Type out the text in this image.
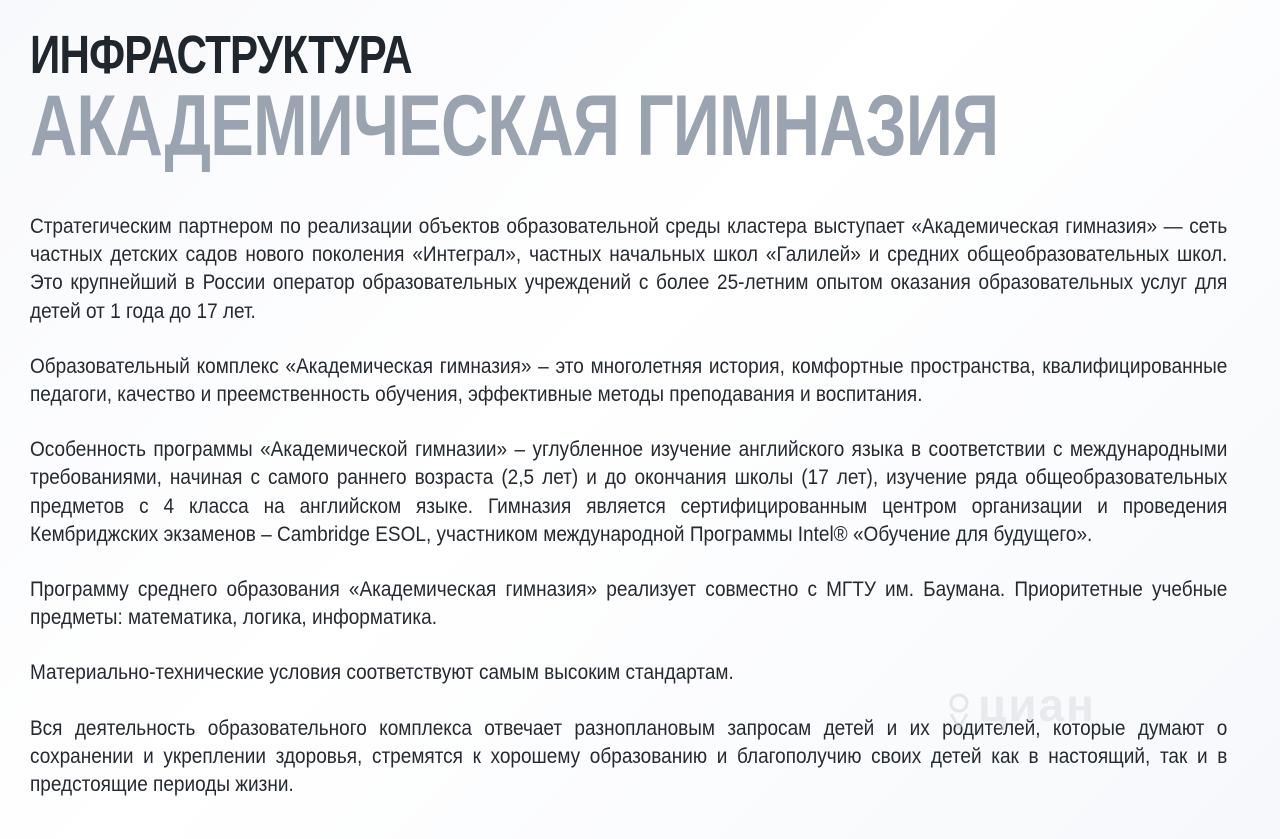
ИНФРАСТРУКТУРА
АКАДЕМИЧЕСКАЯ ГИМНАЗИЯ

Стратегическим партнером по реализации объектов образовательной среды кластера выступает «Академическая гимназия» — сеть частных детских садов нового поколения «Интеграл», частных начальных школ «Галилей» и средних общеобразовательных школ. Это крупнейший в России оператор образовательных учреждений с более 25-летним опытом оказания образовательных услуг для детей от 1 года до 17 лет.

Образовательный комплекс «Академическая гимназия» – это многолетняя история, комфортные пространства, квалифицированные педагоги, качество и преемственность обучения, эффективные методы преподавания и воспитания.

Особенность программы «Академической гимназии» – углубленное изучение английского языка в соответствии с международными требованиями, начиная с самого раннего возраста (2,5 лет) и до окончания школы (17 лет), изучение ряда общеобразовательных предметов с 4 класса на английском языке. Гимназия является сертифицированным центром организации и проведения Кембриджских экзаменов – Cambridge ESOL, участником международной Программы Intel® «Обучение для будущего».

Программу среднего образования «Академическая гимназия» реализует совместно с МГТУ им. Баумана. Приоритетные учебные предметы: математика, логика, информатика.

Материально-технические условия соответствуют самым высоким стандартам.

Вся деятельность образовательного комплекса отвечает разноплановым запросам детей и их родителей, которые думают о сохранении и укреплении здоровья, стремятся к хорошему образованию и благополучию своих детей как в настоящий, так и в предстоящие периоды жизни.

циан
